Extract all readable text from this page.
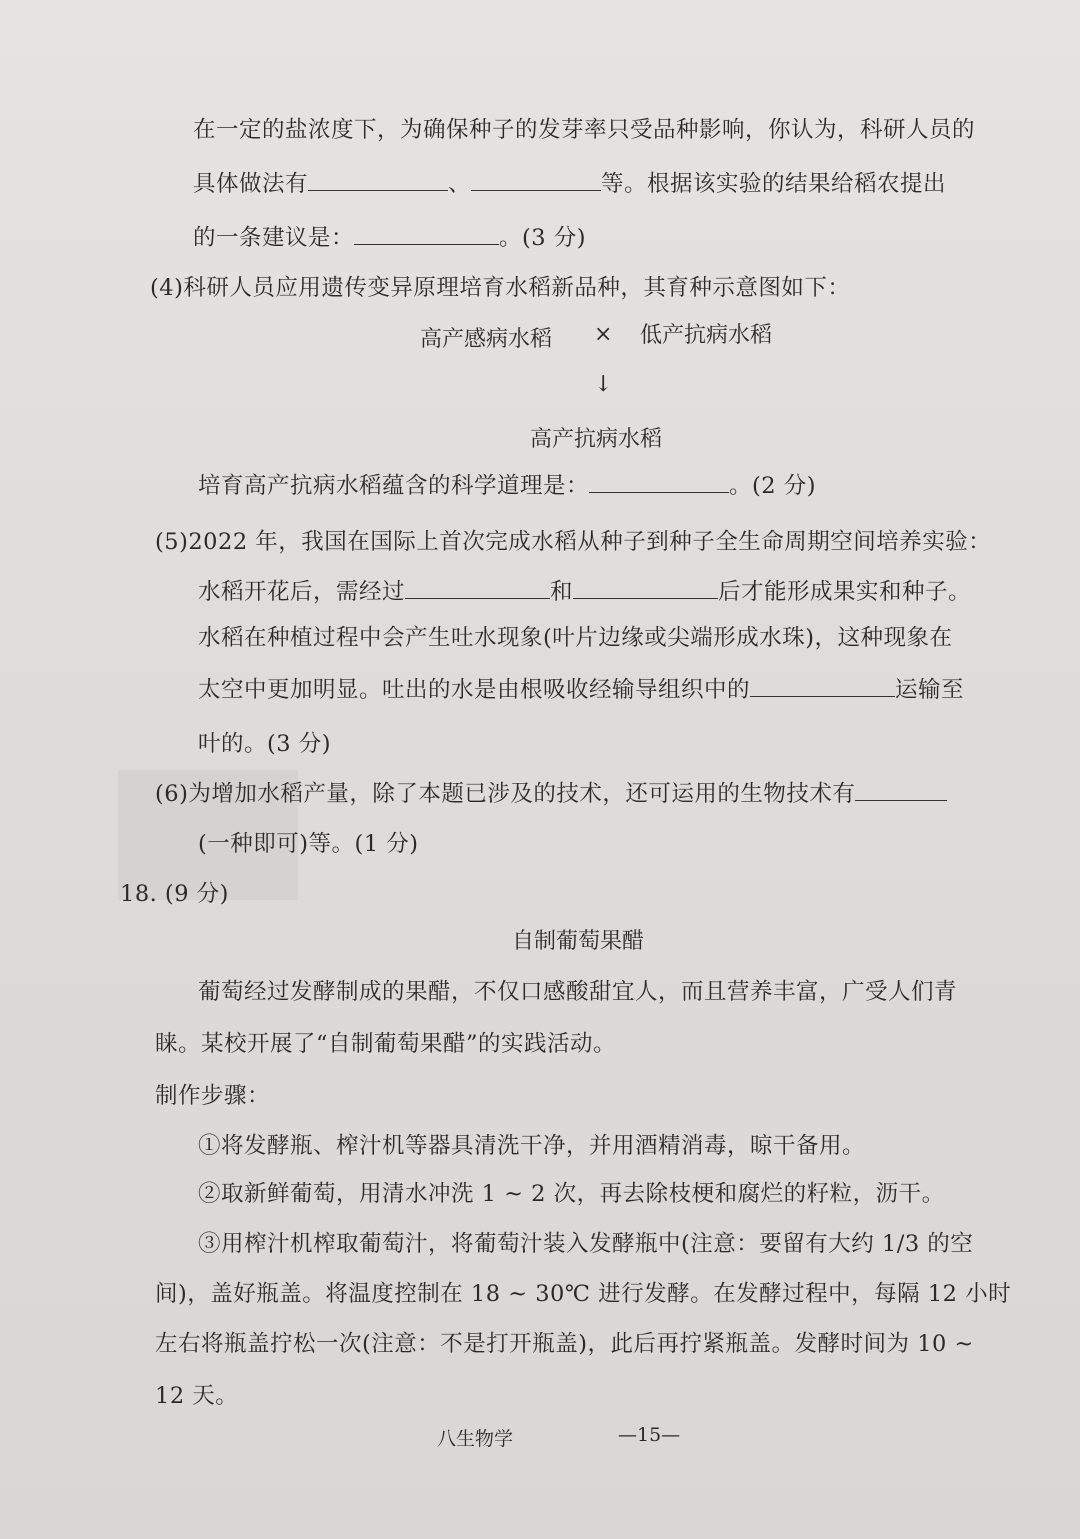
在一定的盐浓度下，为确保种子的发芽率只受品种影响，你认为，科研人员的
具体做法有	、	等。根据该实验的结果给稻农提出
的一条建议是：	。(3 分)
(4)科研人员应用遗传变异原理培育水稻新品种，其育种示意图如下：
高产感病水稻 × 低产抗病水稻
↓
高产抗病水稻
培育高产抗病水稻蕴含的科学道理是：	。(2 分)
(5)2022 年，我国在国际上首次完成水稻从种子到种子全生命周期空间培养实验：
水稻开花后，需经过	和	后才能形成果实和种子。
水稻在种植过程中会产生吐水现象(叶片边缘或尖端形成水珠)，这种现象在
太空中更加明显。吐出的水是由根吸收经输导组织中的	运输至
叶的。(3 分)
(6)为增加水稻产量，除了本题已涉及的技术，还可运用的生物技术有
(一种即可)等。(1 分)
18. (9 分)
自制葡萄果醋
葡萄经过发酵制成的果醋，不仅口感酸甜宜人，而且营养丰富，广受人们青
睐。某校开展了“自制葡萄果醋”的实践活动。
制作步骤：
①将发酵瓶、榨汁机等器具清洗干净，并用酒精消毒，晾干备用。
②取新鲜葡萄，用清水冲洗 1 ~ 2 次，再去除枝梗和腐烂的籽粒，沥干。
③用榨汁机榨取葡萄汁，将葡萄汁装入发酵瓶中(注意：要留有大约 1/3 的空
间)，盖好瓶盖。将温度控制在 18 ~ 30℃ 进行发酵。在发酵过程中，每隔 12 小时
左右将瓶盖拧松一次(注意：不是打开瓶盖)，此后再拧紧瓶盖。发酵时间为 10 ~
12 天。
八生物学	—15—
